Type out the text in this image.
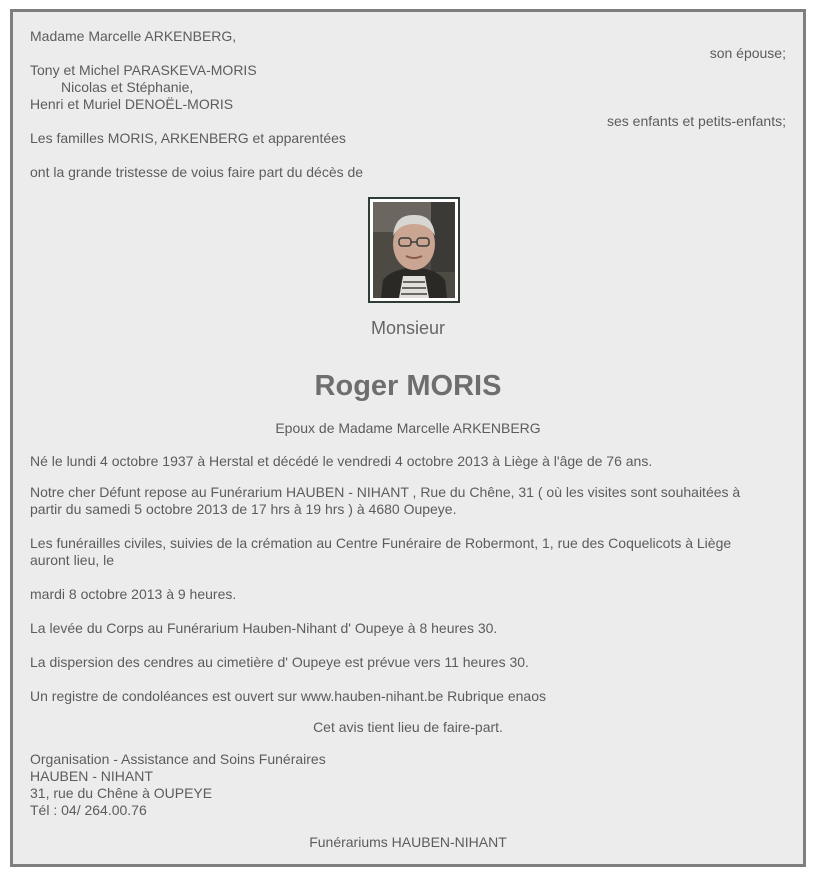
Madame Marcelle ARKENBERG,
son épouse;
Tony et Michel PARASKEVA-MORIS
Nicolas et Stéphanie,
Henri et Muriel DENOËL-MORIS
ses enfants et petits-enfants;
Les familles MORIS, ARKENBERG et apparentées
ont la grande tristesse de voius faire part du décès de
Monsieur
Roger MORIS
Epoux de Madame Marcelle ARKENBERG
Né le lundi 4 octobre 1937 à Herstal et décédé le vendredi 4 octobre 2013 à Liège à l'âge de 76 ans.
Notre cher Défunt repose au Funérarium HAUBEN - NIHANT , Rue du Chêne, 31 ( où les visites sont souhaitées à
partir du samedi 5 octobre 2013 de 17 hrs à 19 hrs ) à 4680 Oupeye.
Les funérailles civiles, suivies de la crémation au Centre Funéraire de Robermont, 1, rue des Coquelicots à Liège
auront lieu, le
mardi 8 octobre 2013 à 9 heures.
La levée du Corps au Funérarium Hauben-Nihant d' Oupeye à 8 heures 30.
La dispersion des cendres au cimetière d' Oupeye est prévue vers 11 heures 30.
Un registre de condoléances est ouvert sur www.hauben-nihant.be Rubrique enaos
Cet avis tient lieu de faire-part.
Organisation - Assistance and Soins Funéraires
HAUBEN - NIHANT
31, rue du Chêne à OUPEYE
Tél : 04/ 264.00.76
Funérariums HAUBEN-NIHANT
